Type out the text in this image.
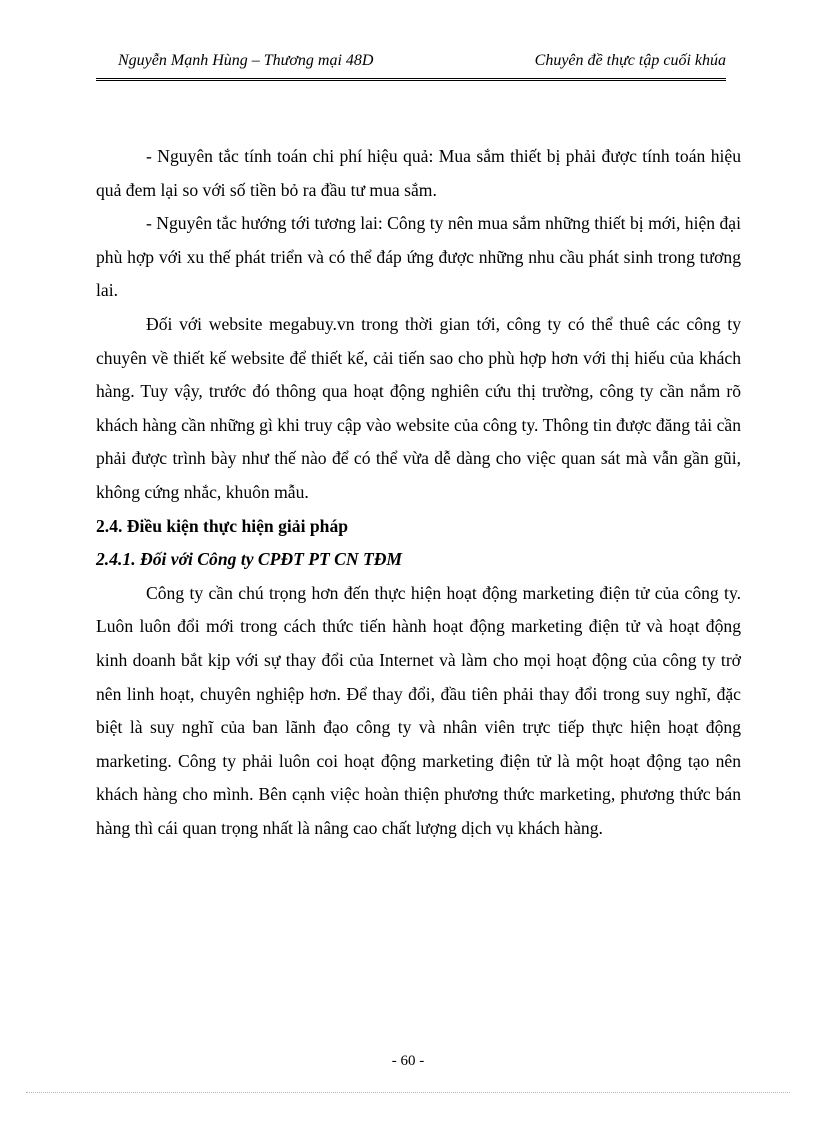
Nguyễn Mạnh Hùng – Thương mại 48D	Chuyên đề thực tập cuối khúa

- Nguyên tắc tính toán chi phí hiệu quả: Mua sắm thiết bị phải được tính toán hiệu quả đem lại so với số tiền bỏ ra đầu tư mua sắm.

- Nguyên tắc hướng tới tương lai: Công ty nên mua sắm những thiết bị mới, hiện đại phù hợp với xu thế phát triển và có thể đáp ứng được những nhu cầu phát sinh trong tương lai.

Đối với website megabuy.vn trong thời gian tới, công ty có thể thuê các công ty chuyên về thiết kế website để thiết kế, cải tiến sao cho phù hợp hơn với thị hiếu của khách hàng. Tuy vậy, trước đó thông qua hoạt động nghiên cứu thị trường, công ty cần nắm rõ khách hàng cần những gì khi truy cập vào website của công ty. Thông tin được đăng tải cần phải được trình bày như thế nào để có thể vừa dễ dàng cho việc quan sát mà vẫn gần gũi, không cứng nhắc, khuôn mẫu.

2.4. Điều kiện thực hiện giải pháp
2.4.1. Đối với Công ty CPĐT PT CN TĐM

Công ty cần chú trọng hơn đến thực hiện hoạt động marketing điện tử của công ty. Luôn luôn đổi mới trong cách thức tiến hành hoạt động marketing điện tử và hoạt động kinh doanh bắt kịp với sự thay đổi của Internet và làm cho mọi hoạt động của công ty trở nên linh hoạt, chuyên nghiệp hơn. Để thay đổi, đầu tiên phải thay đổi trong suy nghĩ, đặc biệt là suy nghĩ của ban lãnh đạo công ty và nhân viên trực tiếp thực hiện hoạt động marketing. Công ty phải luôn coi hoạt động marketing điện tử là một hoạt động tạo nên khách hàng cho mình. Bên cạnh việc hoàn thiện phương thức marketing, phương thức bán hàng thì cái quan trọng nhất là nâng cao chất lượng dịch vụ khách hàng.

- 60 -
